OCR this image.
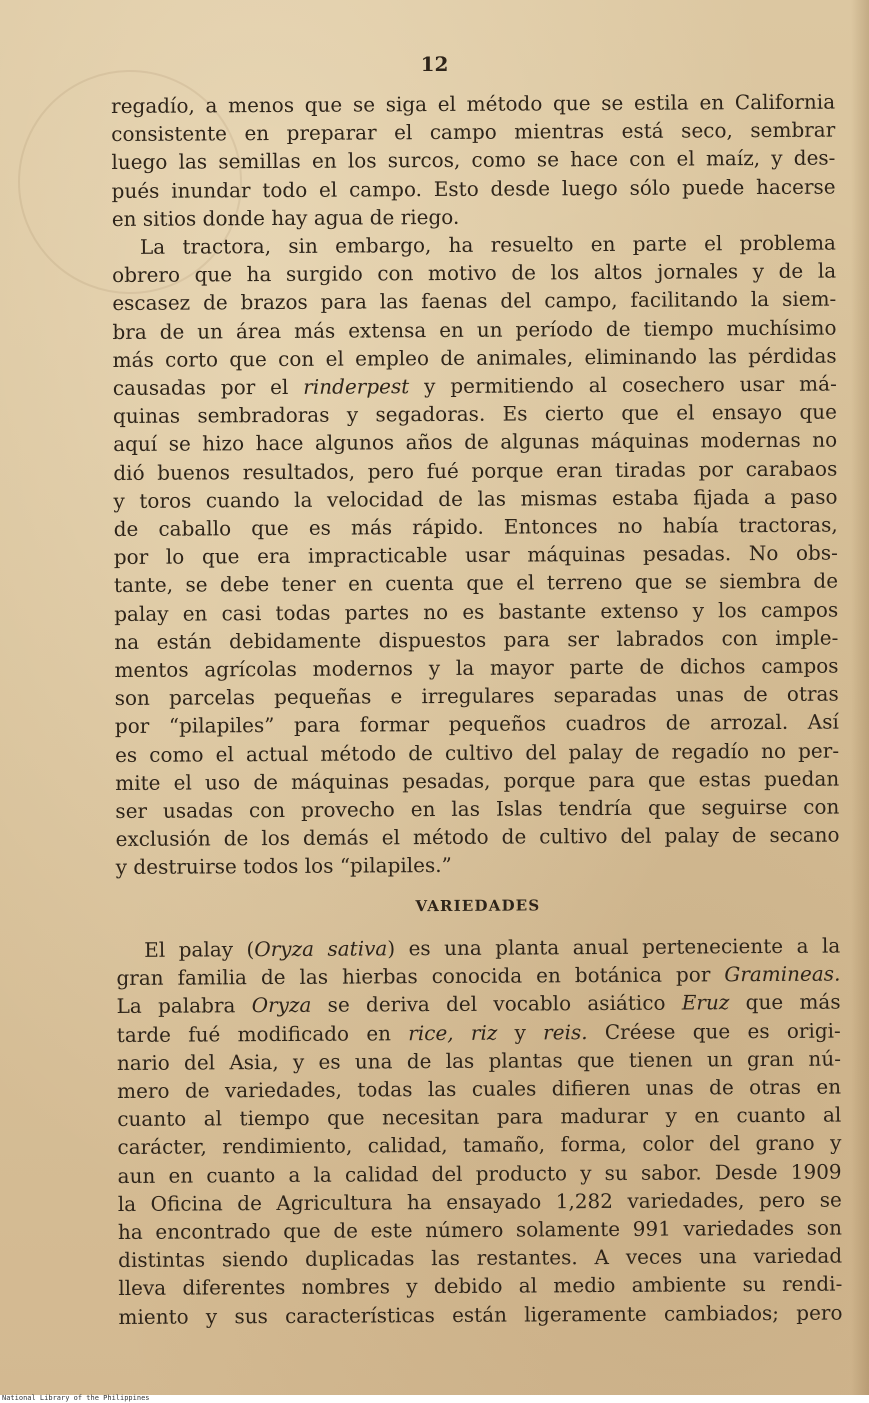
12
regadío, a menos que se siga el método que se estila en California
consistente en preparar el campo mientras está seco, sembrar
luego las semillas en los surcos, como se hace con el maíz, y des-
pués inundar todo el campo. Esto desde luego sólo puede hacerse
en sitios donde hay agua de riego.
La tractora, sin embargo, ha resuelto en parte el problema
obrero que ha surgido con motivo de los altos jornales y de la
escasez de brazos para las faenas del campo, facilitando la siem-
bra de un área más extensa en un período de tiempo muchísimo
más corto que con el empleo de animales, eliminando las pérdidas
causadas por el rinderpest y permitiendo al cosechero usar má-
quinas sembradoras y segadoras. Es cierto que el ensayo que
aquí se hizo hace algunos años de algunas máquinas modernas no
dió buenos resultados, pero fué porque eran tiradas por carabaos
y toros cuando la velocidad de las mismas estaba fijada a paso
de caballo que es más rápido. Entonces no había tractoras,
por lo que era impracticable usar máquinas pesadas. No obs-
tante, se debe tener en cuenta que el terreno que se siembra de
palay en casi todas partes no es bastante extenso y los campos
na están debidamente dispuestos para ser labrados con imple-
mentos agrícolas modernos y la mayor parte de dichos campos
son parcelas pequeñas e irregulares separadas unas de otras
por “pilapiles” para formar pequeños cuadros de arrozal. Así
es como el actual método de cultivo del palay de regadío no per-
mite el uso de máquinas pesadas, porque para que estas puedan
ser usadas con provecho en las Islas tendría que seguirse con
exclusión de los demás el método de cultivo del palay de secano
y destruirse todos los “pilapiles.”
VARIEDADES
El palay (Oryza sativa) es una planta anual perteneciente a la
gran familia de las hierbas conocida en botánica por Gramineas.
La palabra Oryza se deriva del vocablo asiático Eruz que más
tarde fué modificado en rice, riz y reis. Créese que es origi-
nario del Asia, y es una de las plantas que tienen un gran nú-
mero de variedades, todas las cuales difieren unas de otras en
cuanto al tiempo que necesitan para madurar y en cuanto al
carácter, rendimiento, calidad, tamaño, forma, color del grano y
aun en cuanto a la calidad del producto y su sabor. Desde 1909
la Oficina de Agricultura ha ensayado 1,282 variedades, pero se
ha encontrado que de este número solamente 991 variedades son
distintas siendo duplicadas las restantes. A veces una variedad
lleva diferentes nombres y debido al medio ambiente su rendi-
miento y sus características están ligeramente cambiados; pero
National Library of the Philippines
